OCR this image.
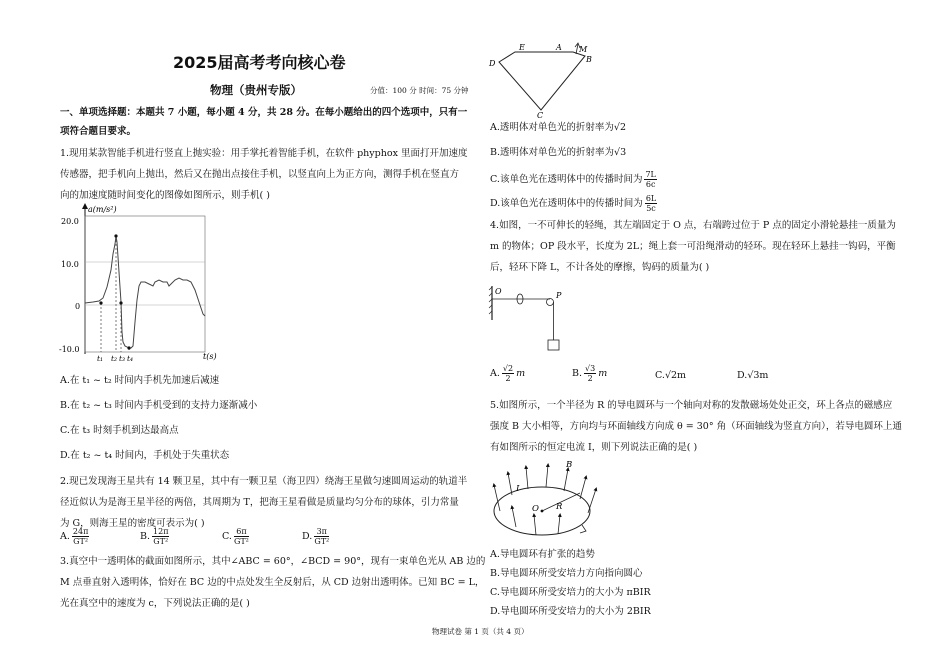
2025届高考考向核心卷
物理（贵州专版）	分值：100 分 时间：75 分钟
一、单项选择题：本题共 7 小题，每小题 4 分，共 28 分。在每小题给出的四个选项中，只有一
项符合题目要求。
1.现用某款智能手机进行竖直上抛实验：用手掌托着智能手机，在软件 phyphox 里面打开加速度
传感器，把手机向上抛出，然后又在抛出点接住手机，以竖直向上为正方向，测得手机在竖直方
向的加速度随时间变化的图像如图所示，则手机( )
a(m/s²)
20.0
10.0
0
-10.0
t₁ t₂ t₃ t₄	t(s)
A.在 t₁ ~ t₂ 时间内手机先加速后减速
B.在 t₂ ~ t₃ 时间内手机受到的支持力逐渐减小
C.在 t₃ 时刻手机到达最高点
D.在 t₂ ~ t₄ 时间内，手机处于失重状态
2.现已发现海王星共有 14 颗卫星，其中有一颗卫星（海卫四）绕海王星做匀速圆周运动的轨道半
径近似认为是海王星半径的两倍，其周期为 T，把海王星看做是质量均匀分布的球体，引力常量
为 G，则海王星的密度可表示为( )
A. $\frac{24\pi}{\text{GT²}}$	B. $\frac{12\pi}{\text{GT²}}$	C. $\frac{6\pi}{\text{GT²}}$	D. $\frac{3\pi}{\text{GT²}}$
3.真空中一透明体的截面如图所示，其中∠ABC = 60°，∠BCD = 90°，现有一束单色光从 AB 边的
M 点垂直射入透明体，恰好在 BC 边的中点处发生全反射后，从 CD 边射出透明体。已知 BC = L，
光在真空中的速度为 c，下列说法正确的是( )
D
E	A M
B
C
A.透明体对单色光的折射率为√2
B.透明体对单色光的折射率为√3
C.该单色光在透明体中的传播时间为 $\frac{7L}{6c}$
D.该单色光在透明体中的传播时间为 $\frac{6L}{5c}$
4.如图，一不可伸长的轻绳，其左端固定于 O 点，右端跨过位于 P 点的固定小滑轮悬挂一质量为
m 的物体；OP 段水平，长度为 2L；绳上套一可沿绳滑动的轻环。现在轻环上悬挂一钩码，平衡
后，轻环下降 L，不计各处的摩擦，钩码的质量为( )
O	P
A. $\frac{√2}{2}$ m	B. $\frac{√3}{2}$ m	C.√2m	D.√3m
5.如图所示，一个半径为 R 的导电圆环与一个轴向对称的发散磁场处处正交，环上各点的磁感应
强度 B 大小相等，方向均与环面轴线方向成 θ = 30° 角（环面轴线为竖直方向），若导电圆环上通
有如图所示的恒定电流 I，则下列说法正确的是( )
B
I
O R
A.导电圆环有扩张的趋势
B.导电圆环所受安培力方向指向圆心
C.导电圆环所受安培力的大小为 πBIR
D.导电圆环所受安培力的大小为 2BIR
物理试卷 第 1 页（共 4 页）
